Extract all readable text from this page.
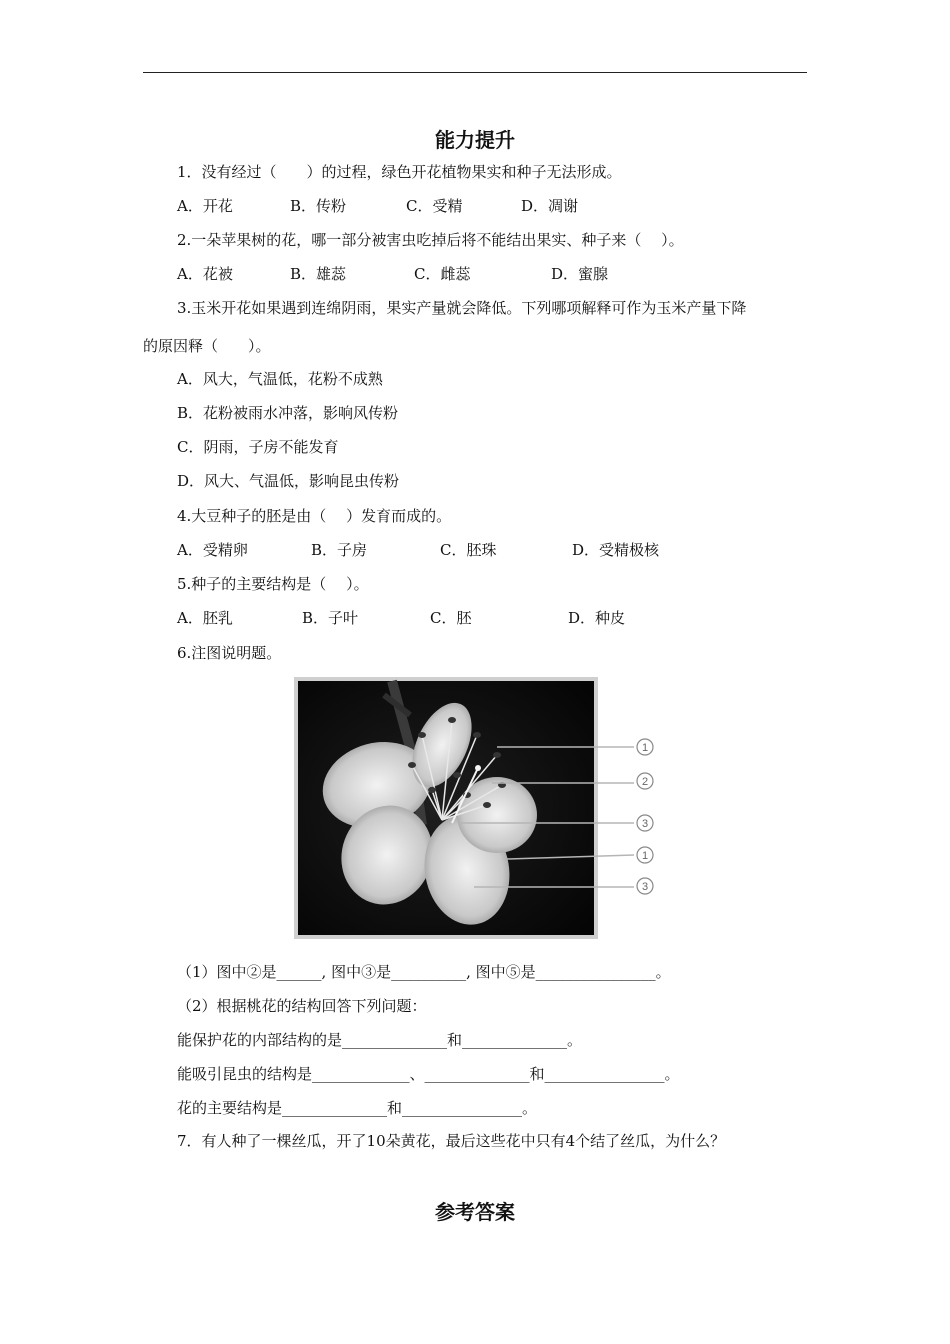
能力提升
1．没有经过（　　）的过程，绿色开花植物果实和种子无法形成。
A．开花	B．传粉	C．受精	D．凋谢
2.一朵苹果树的花，哪一部分被害虫吃掉后将不能结出果实、种子来（　 ）。
A．花被	B．雄蕊	C．雌蕊	D．蜜腺
3.玉米开花如果遇到连绵阴雨，果实产量就会降低。下列哪项解释可作为玉米产量下降
的原因释（　　）。
A．风大，气温低，花粉不成熟
B．花粉被雨水冲落，影响风传粉
C．阴雨，子房不能发育
D．风大、气温低，影响昆虫传粉
4.大豆种子的胚是由（　 ）发育而成的。
A．受精卵	B．子房	C．胚珠	D．受精极核
5.种子的主要结构是（　 ）。
A．胚乳	B．子叶	C．胚	D．种皮
6.注图说明题。
1
2
3
1
3
（1）图中②是______, 图中③是__________, 图中⑤是________________。
（2）根据桃花的结构回答下列问题：
能保护花的内部结构的是______________和______________。
能吸引昆虫的结构是_____________、______________和________________。
花的主要结构是______________和________________。
7．有人种了一棵丝瓜，开了10朵黄花，最后这些花中只有4个结了丝瓜，为什么？
参考答案
